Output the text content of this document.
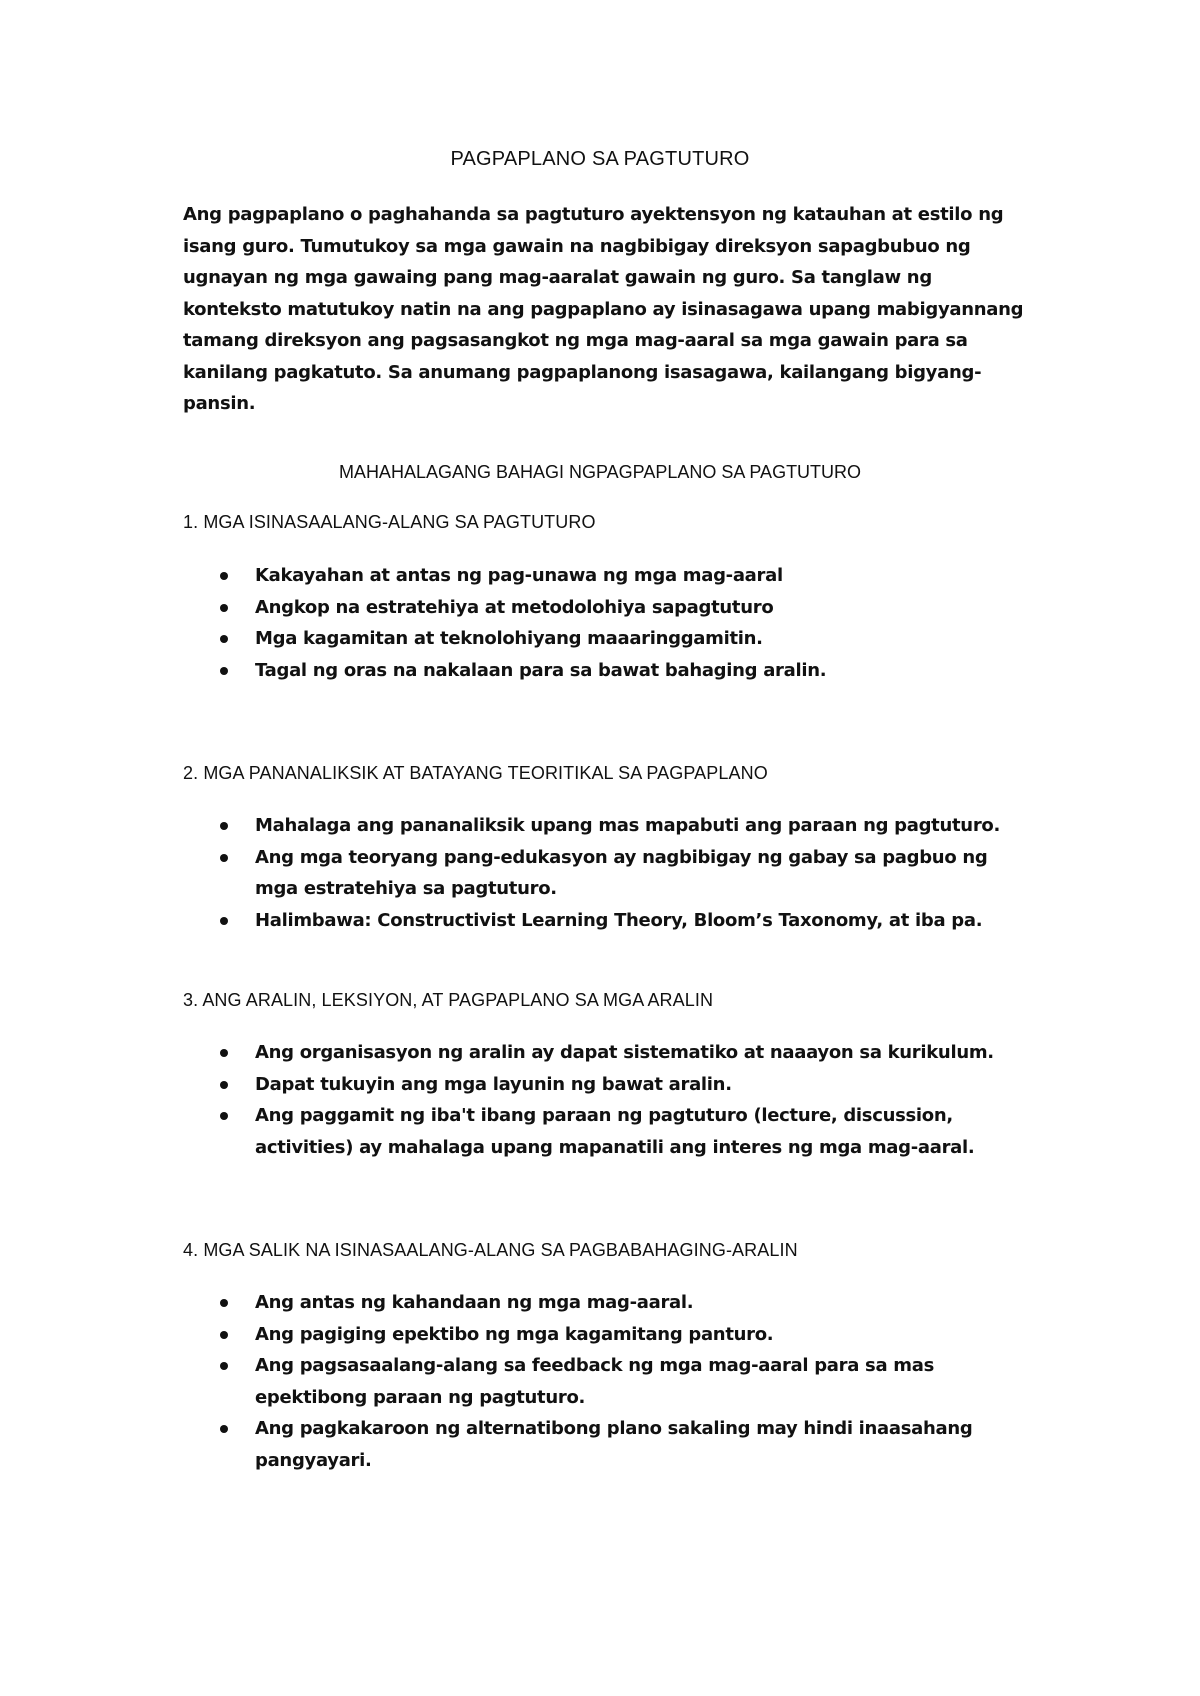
PAGPAPLANO SA PAGTUTURO

Ang pagpaplano o paghahanda sa pagtuturo ayektensyon ng katauhan at estilo ng isang guro. Tumutukoy sa mga gawain na nagbibigay direksyon sapagbubuo ng ugnayan ng mga gawaing pang mag-aaralat gawain ng guro. Sa tanglaw ng konteksto matutukoy natin na ang pagpaplano ay isinasagawa upang mabigyannang tamang direksyon ang pagsasangkot ng mga mag-aaral sa mga gawain para sa kanilang pagkatuto. Sa anumang pagpaplanong isasagawa, kailangang bigyang- pansin.

MAHAHALAGANG BAHAGI NGPAGPAPLANO SA PAGTUTURO
1. MGA ISINASAALANG-ALANG SA PAGTUTURO
Kakayahan at antas ng pag-unawa ng mga mag-aaral
Angkop na estratehiya at metodolohiya sapagtuturo
Mga kagamitan at teknolohiyang maaaringgamitin.
Tagal ng oras na nakalaan para sa bawat bahaging aralin.
2. MGA PANANALIKSIK AT BATAYANG TEORITIKAL SA PAGPAPLANO
Mahalaga ang pananaliksik upang mas mapabuti ang paraan ng pagtuturo.
Ang mga teoryang pang-edukasyon ay nagbibigay ng gabay sa pagbuo ng mga estratehiya sa pagtuturo.
Halimbawa: Constructivist Learning Theory, Bloom’s Taxonomy, at iba pa.
3. ANG ARALIN, LEKSIYON, AT PAGPAPLANO SA MGA ARALIN
Ang organisasyon ng aralin ay dapat sistematiko at naaayon sa kurikulum.
Dapat tukuyin ang mga layunin ng bawat aralin.
Ang paggamit ng iba't ibang paraan ng pagtuturo (lecture, discussion, activities) ay mahalaga upang mapanatili ang interes ng mga mag-aaral.
4. MGA SALIK NA ISINASAALANG-ALANG SA PAGBABAHAGING-ARALIN
Ang antas ng kahandaan ng mga mag-aaral.
Ang pagiging epektibo ng mga kagamitang panturo.
Ang pagsasaalang-alang sa feedback ng mga mag-aaral para sa mas epektibong paraan ng pagtuturo.
Ang pagkakaroon ng alternatibong plano sakaling may hindi inaasahang pangyayari.
